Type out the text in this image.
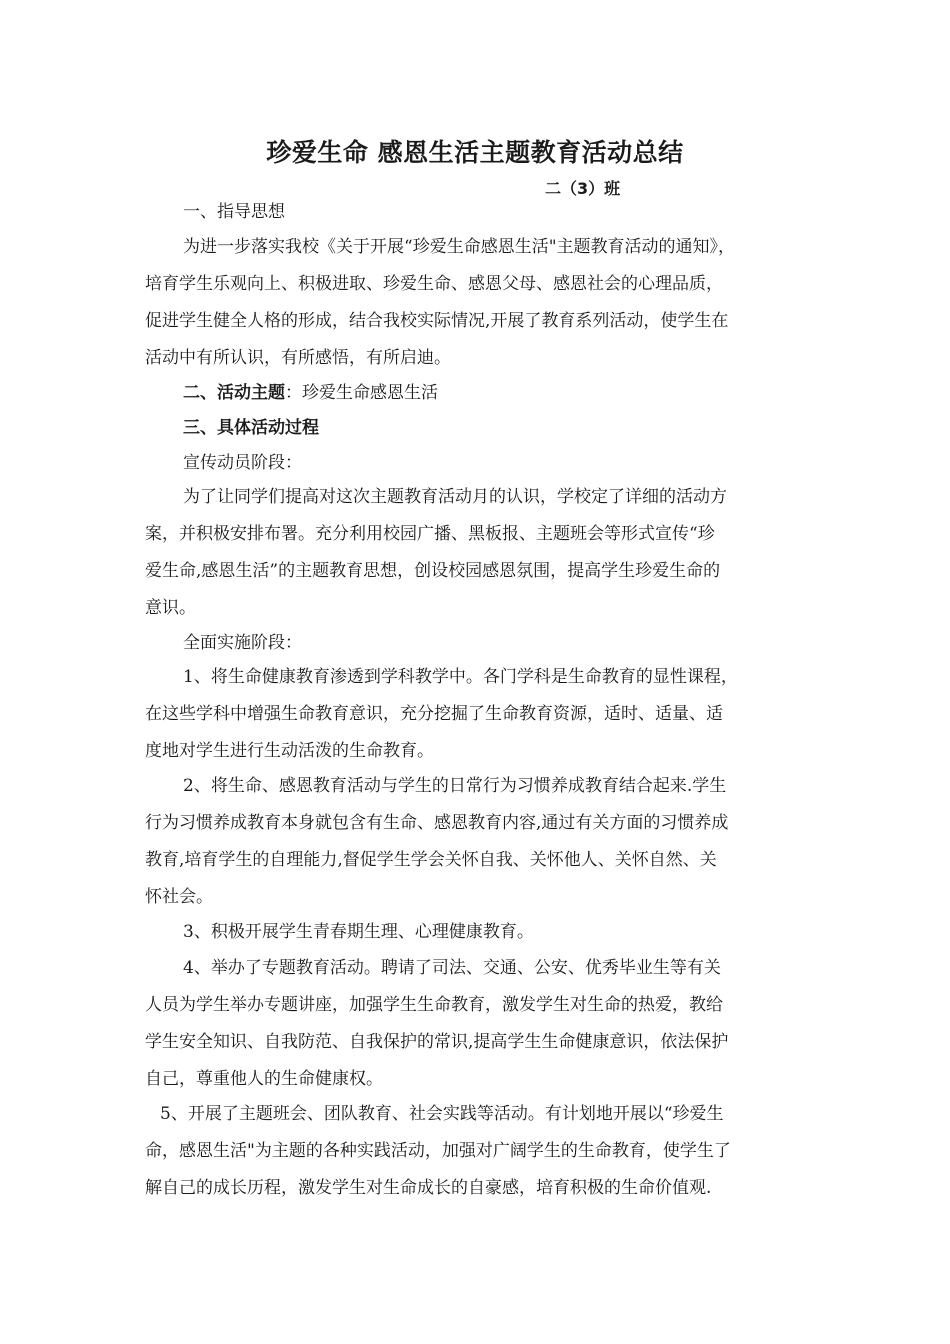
珍爱生命 感恩生活主题教育活动总结
二（3）班
一、指导思想
为进一步落实我校《关于开展“珍爱生命感恩生活"主题教育活动的通知》，
培育学生乐观向上、积极进取、珍爱生命、感恩父母、感恩社会的心理品质，
促进学生健全人格的形成，结合我校实际情况,开展了教育系列活动，使学生在
活动中有所认识，有所感悟，有所启迪。
二、活动主题：珍爱生命感恩生活
三、具体活动过程
宣传动员阶段：
为了让同学们提高对这次主题教育活动月的认识，学校定了详细的活动方
案，并积极安排布署。充分利用校园广播、黑板报、主题班会等形式宣传“珍
爱生命,感恩生活”的主题教育思想，创设校园感恩氛围，提高学生珍爱生命的
意识。
全面实施阶段：
1、将生命健康教育渗透到学科教学中。各门学科是生命教育的显性课程，
在这些学科中增强生命教育意识，充分挖掘了生命教育资源，适时、适量、适
度地对学生进行生动活泼的生命教育。
2、将生命、感恩教育活动与学生的日常行为习惯养成教育结合起来.学生
行为习惯养成教育本身就包含有生命、感恩教育内容,通过有关方面的习惯养成
教育,培育学生的自理能力,督促学生学会关怀自我、关怀他人、关怀自然、关
怀社会。
3、积极开展学生青春期生理、心理健康教育。
4、举办了专题教育活动。聘请了司法、交通、公安、优秀毕业生等有关
人员为学生举办专题讲座，加强学生生命教育，激发学生对生命的热爱，教给
学生安全知识、自我防范、自我保护的常识,提高学生生命健康意识，依法保护
自己，尊重他人的生命健康权。
5、开展了主题班会、团队教育、社会实践等活动。有计划地开展以“珍爱生
命，感恩生活"为主题的各种实践活动，加强对广阔学生的生命教育，使学生了
解自己的成长历程，激发学生对生命成长的自豪感，培育积极的生命价值观.
